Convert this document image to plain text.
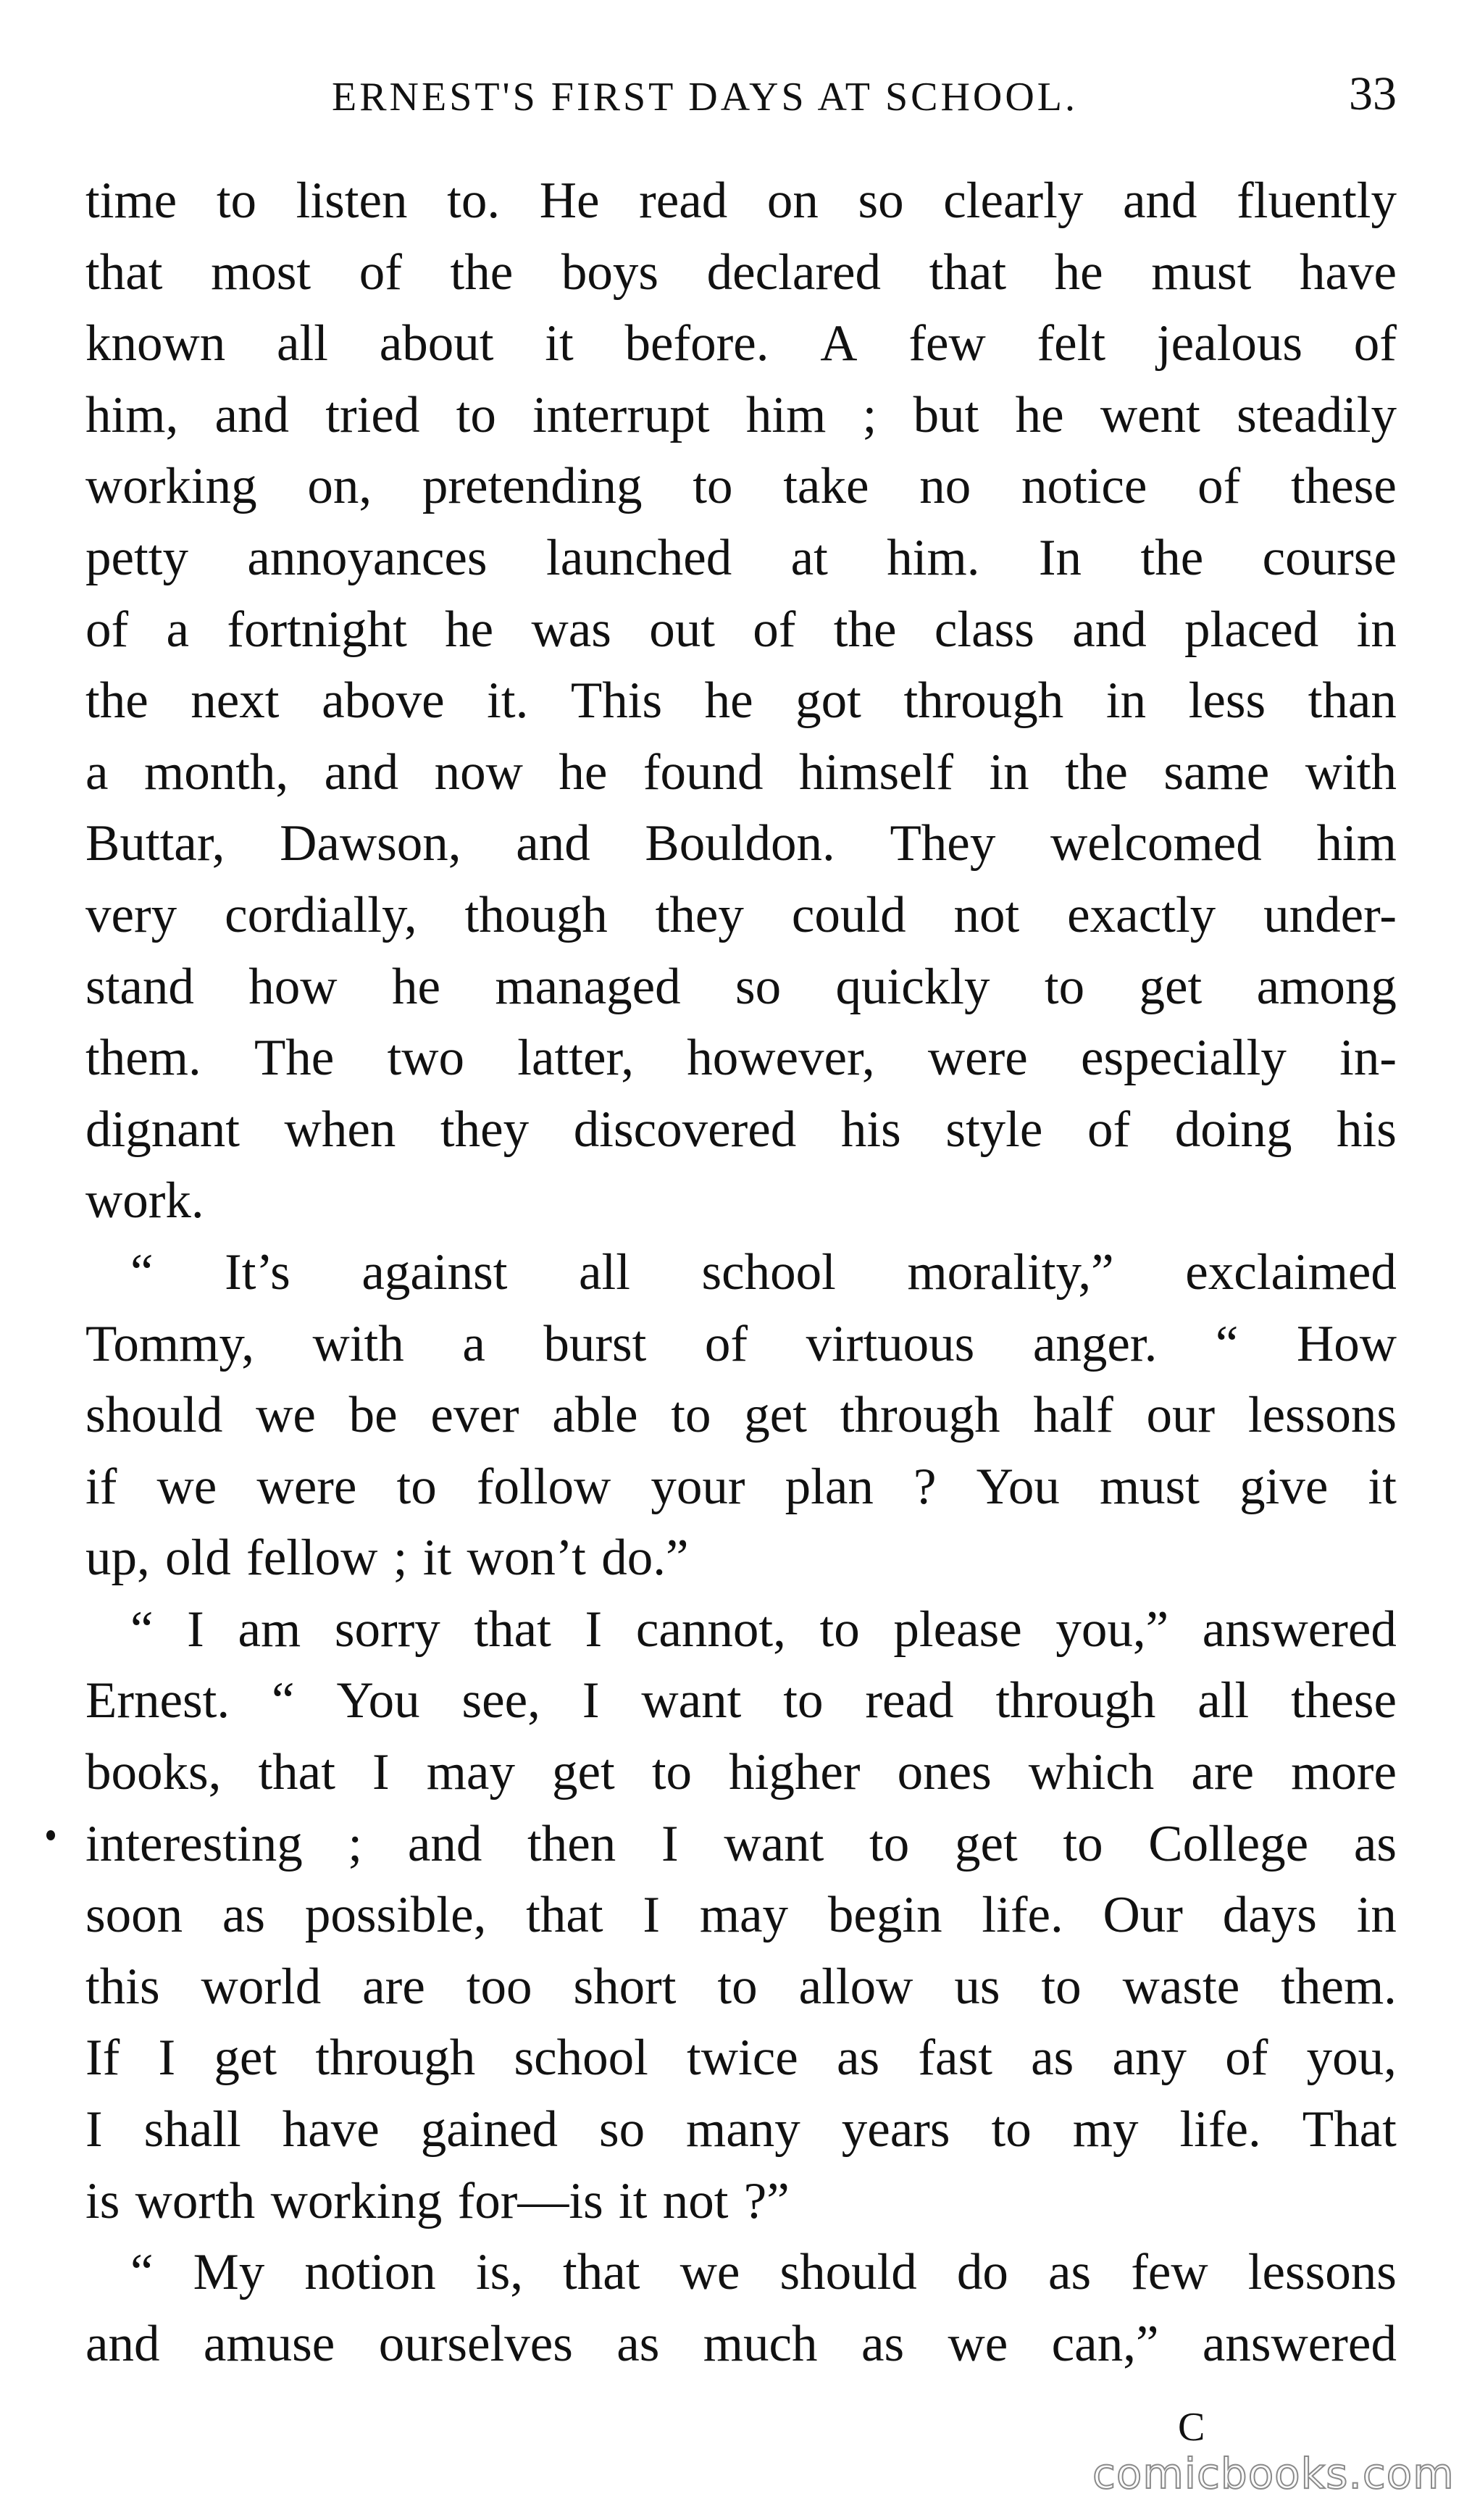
ERNEST'S FIRST DAYS AT SCHOOL.	33
time to listen to. He read on so clearly and fluently
that most of the boys declared that he must have
known all about it before. A few felt jealous of
him, and tried to interrupt him ; but he went steadily
working on, pretending to take no notice of these
petty annoyances launched at him. In the course
of a fortnight he was out of the class and placed in
the next above it. This he got through in less than
a month, and now he found himself in the same with
Buttar, Dawson, and Bouldon. They welcomed him
very cordially, though they could not exactly under-
stand how he managed so quickly to get among
them. The two latter, however, were especially in-
dignant when they discovered his style of doing his
work.
“ It’s against all school morality,” exclaimed
Tommy, with a burst of virtuous anger. “ How
should we be ever able to get through half our lessons
if we were to follow your plan ? You must give it
up, old fellow ; it won’t do.”
“ I am sorry that I cannot, to please you,” answered
Ernest. “ You see, I want to read through all these
books, that I may get to higher ones which are more
interesting ; and then I want to get to College as
soon as possible, that I may begin life. Our days in
this world are too short to allow us to waste them.
If I get through school twice as fast as any of you,
I shall have gained so many years to my life. That
is worth working for—is it not ?”
“ My notion is, that we should do as few lessons
and amuse ourselves as much as we can,” answered
C
comicbooks.com
